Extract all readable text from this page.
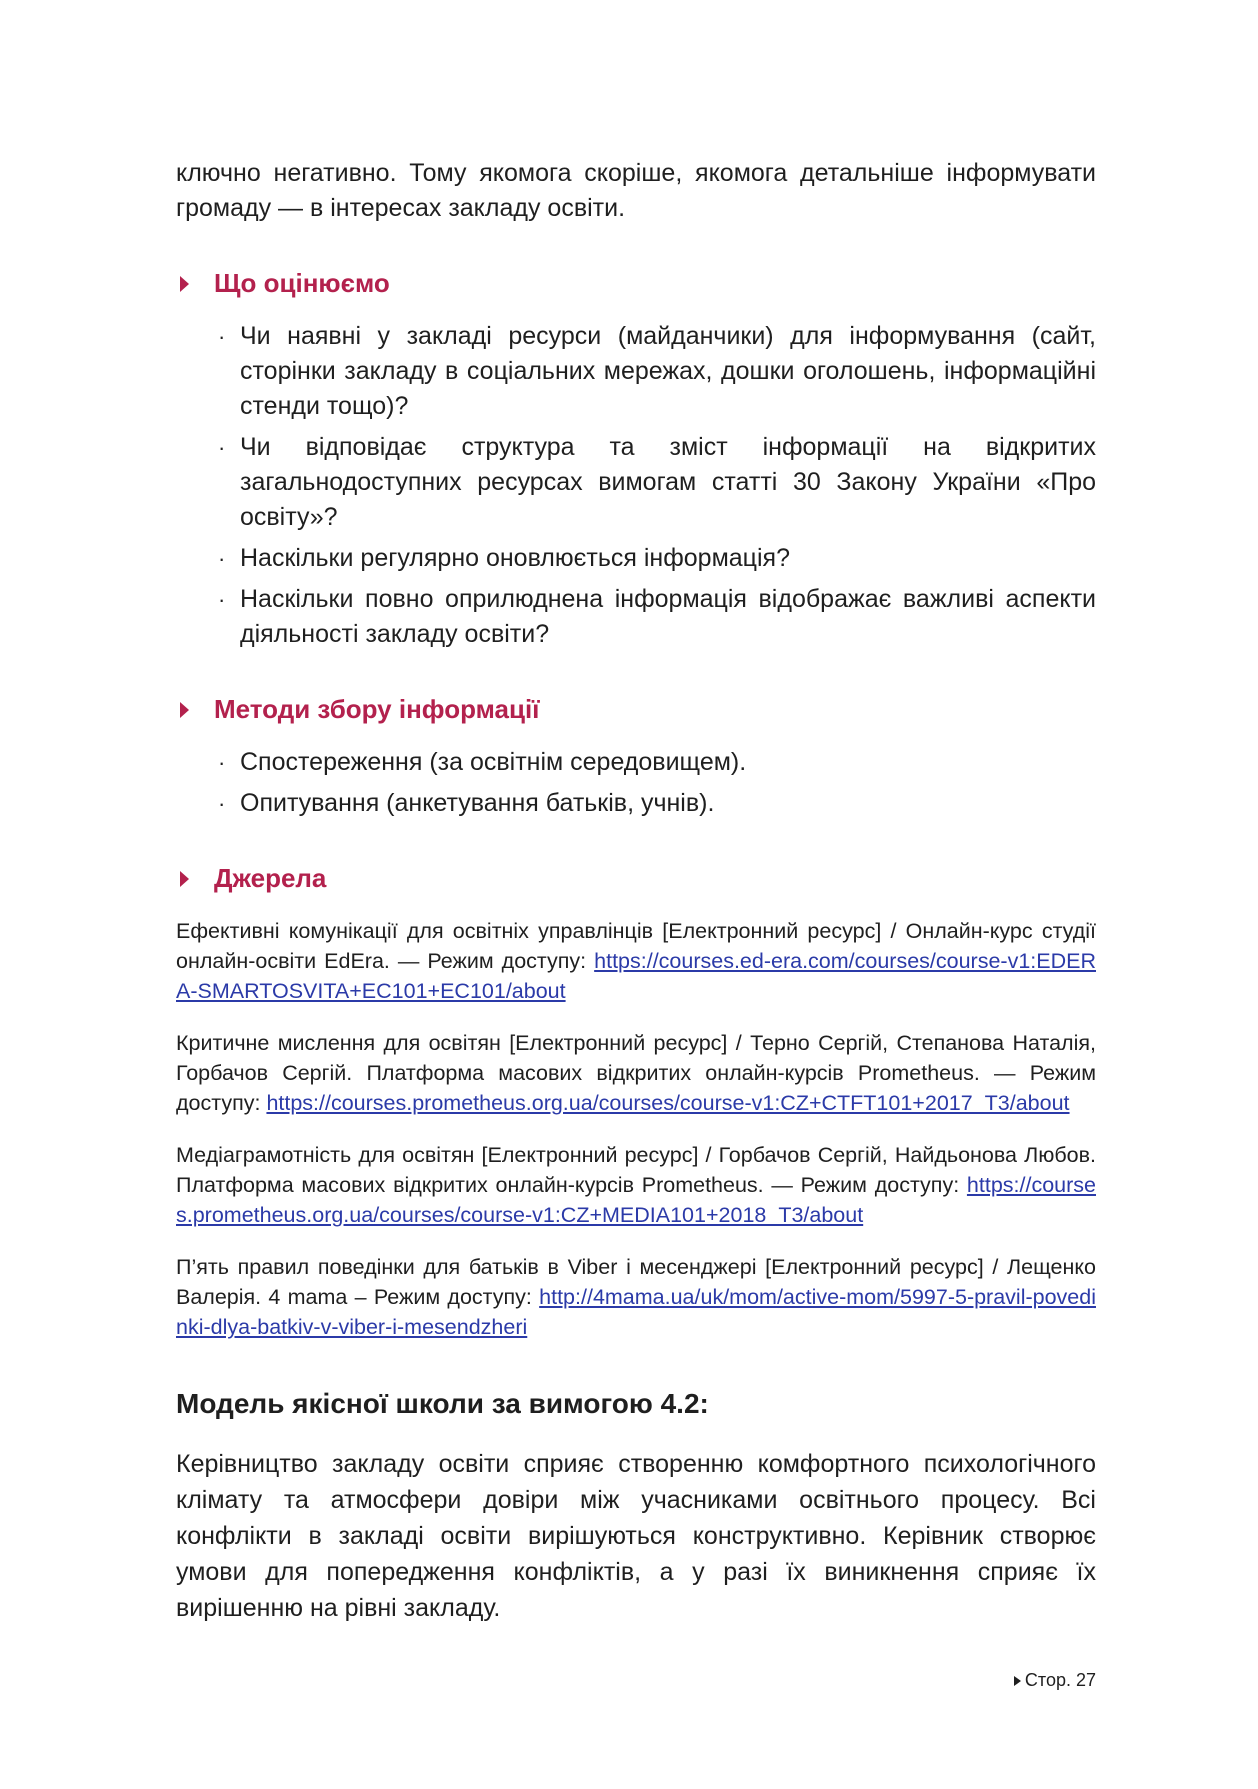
ключно негативно. Тому якомога скоріше, якомога детальніше інформувати громаду — в інтересах закладу освіти.

Що оцінюємо
· Чи наявні у закладі ресурси (майданчики) для інформування (сайт, сторінки закладу в соціальних мережах, дошки оголошень, інформаційні стенди тощо)?
· Чи відповідає структура та зміст інформації на відкритих загальнодоступних ресурсах вимогам статті 30 Закону України «Про освіту»?
· Наскільки регулярно оновлюється інформація?
· Наскільки повно оприлюднена інформація відображає важливі аспекти діяльності закладу освіти?
Методи збору інформації
· Спостереження (за освітнім середовищем).
· Опитування (анкетування батьків, учнів).
Джерела

Ефективні комунікації для освітніх управлінців [Електронний ресурс] / Онлайн-курс студії онлайн-освіти EdEra. — Режим доступу: https://courses.ed-era.com/courses/course-v1:EDERA-SMARTOSVITA+EC101+EC101/about

Критичне мислення для освітян [Електронний ресурс] / Терно Сергій, Степанова Наталія, Горбачов Сергій. Платформа масових відкритих онлайн-курсів Prometheus. — Режим доступу: https://courses.prometheus.org.ua/courses/course-v1:CZ+CTFT101+2017_T3/about

Медіаграмотність для освітян [Електронний ресурс] / Горбачов Сергій, Найдьонова Любов. Платформа масових відкритих онлайн-курсів Prometheus. — Режим доступу: https://courses.prometheus.org.ua/courses/course-v1:CZ+MEDIA101+2018_T3/about

П’ять правил поведінки для батьків в Viber і месенджері [Електронний ресурс] / Лещенко Валерія. 4 mama – Режим доступу: http://4mama.ua/uk/mom/active-mom/5997-5-pravil-povedinki-dlya-batkiv-v-viber-i-mesendzheri

Модель якісної школи за вимогою 4.2:

Керівництво закладу освіти сприяє створенню комфортного психологічного клімату та атмосфери довіри між учасниками освітнього процесу. Всі конфлікти в закладі освіти вирішуються конструктивно. Керівник створює умови для попередження конфліктів, а у разі їх виникнення сприяє їх вирішенню на рівні закладу.

Стор. 27
